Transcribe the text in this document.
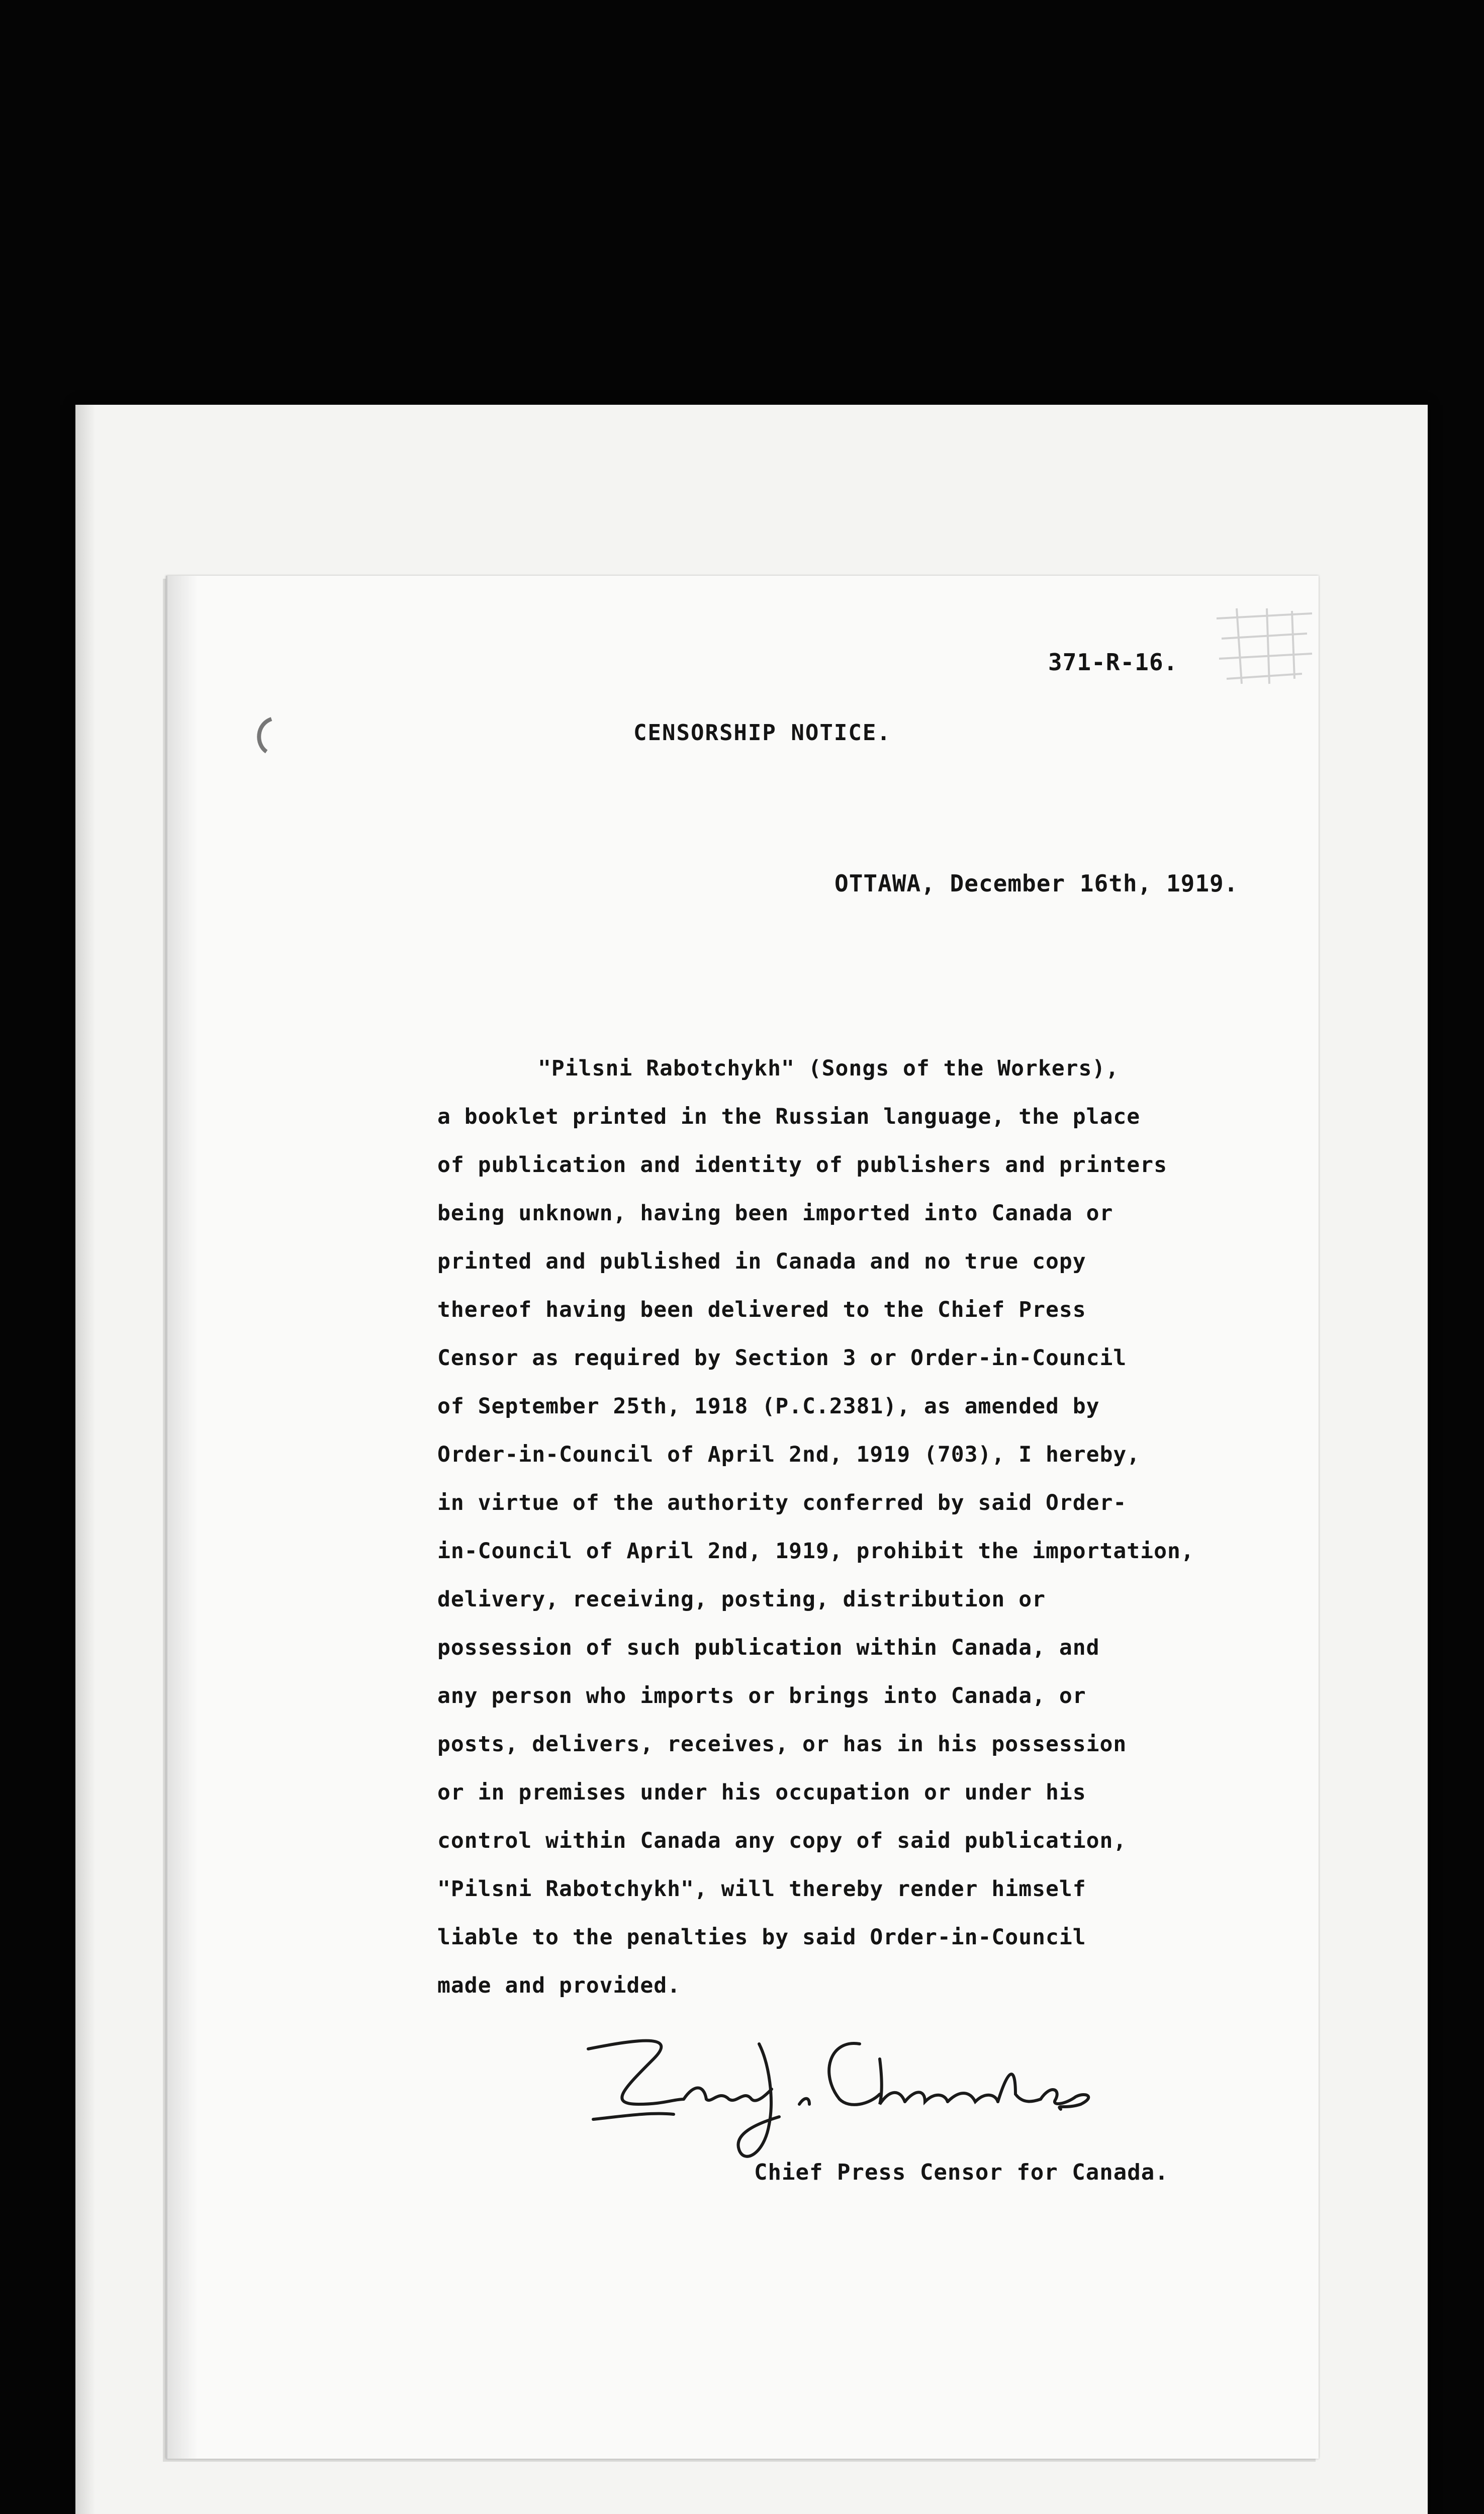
371-R-16.
CENSORSHIP NOTICE.
OTTAWA, December 16th, 1919.
"Pilsni Rabotchykh" (Songs of the Workers),
a booklet printed in the Russian language, the place
of publication and identity of publishers and printers
being unknown, having been imported into Canada or
printed and published in Canada and no true copy
thereof having been delivered to the Chief Press
Censor as required by Section 3 or Order-in-Council
of September 25th, 1918 (P.C.2381), as amended by
Order-in-Council of April 2nd, 1919 (703), I hereby,
in virtue of the authority conferred by said Order-
in-Council of April 2nd, 1919, prohibit the importation,
delivery, receiving, posting, distribution or
possession of such publication within Canada, and
any person who imports or brings into Canada, or
posts, delivers, receives, or has in his possession
or in premises under his occupation or under his
control within Canada any copy of said publication,
"Pilsni Rabotchykh", will thereby render himself
liable to the penalties by said Order-in-Council
made and provided.
Chief Press Censor for Canada.
